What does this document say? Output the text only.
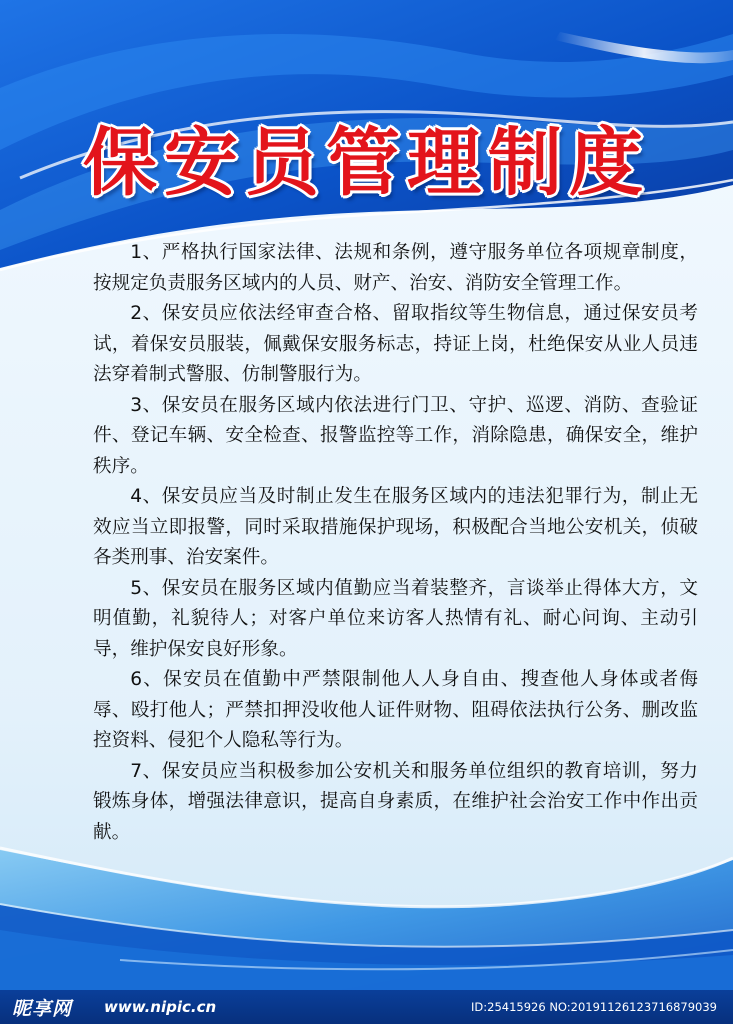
保安员管理制度

1、严格执行国家法律、法规和条例，遵守服务单位各项规章制度，按规定负责服务区域内的人员、财产、治安、消防安全管理工作。

2、保安员应依法经审查合格、留取指纹等生物信息，通过保安员考试，着保安员服装，佩戴保安服务标志，持证上岗，杜绝保安从业人员违法穿着制式警服、仿制警服行为。

3、保安员在服务区域内依法进行门卫、守护、巡逻、消防、查验证件、登记车辆、安全检查、报警监控等工作，消除隐患，确保安全，维护秩序。

4、保安员应当及时制止发生在服务区域内的违法犯罪行为，制止无效应当立即报警，同时采取措施保护现场，积极配合当地公安机关，侦破各类刑事、治安案件。

5、保安员在服务区域内值勤应当着装整齐，言谈举止得体大方，文明值勤，礼貌待人；对客户单位来访客人热情有礼、耐心问询、主动引导，维护保安良好形象。

6、保安员在值勤中严禁限制他人人身自由、搜查他人身体或者侮辱、殴打他人；严禁扣押没收他人证件财物、阻碍依法执行公务、删改监控资料、侵犯个人隐私等行为。

7、保安员应当积极参加公安机关和服务单位组织的教育培训，努力锻炼身体，增强法律意识，提高自身素质，在维护社会治安工作中作出贡献。

昵享网 www.nipic.cn	ID:25415926 NO:20191126123716879039
